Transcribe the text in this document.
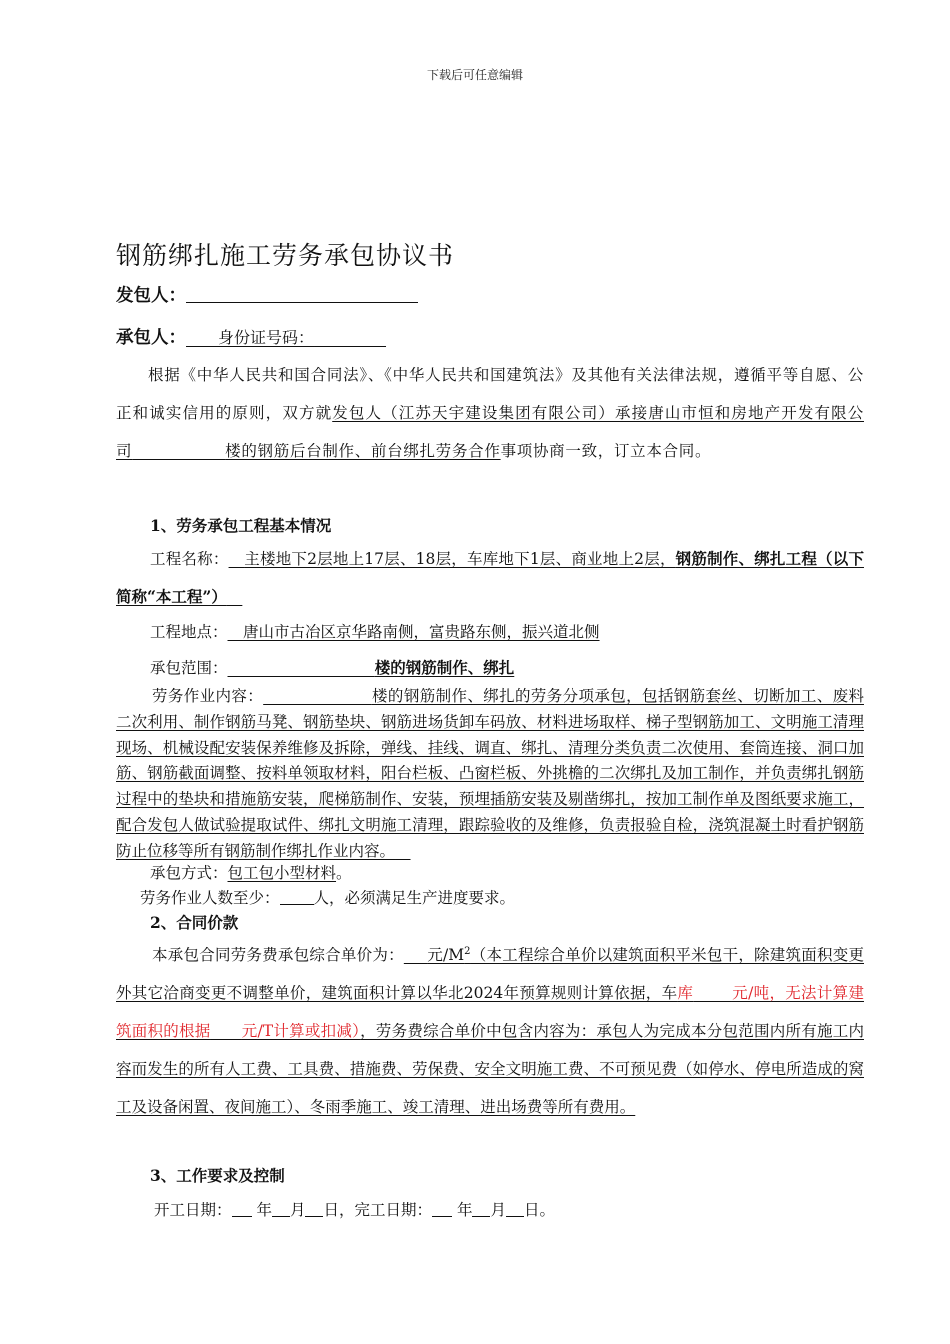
下载后可任意编辑
钢筋绑扎施工劳务承包协议书
发包人：
承包人：     身份证号码：         
根据《中华人民共和国合同法》、《中华人民共和国建筑法》及其他有关法律法规，遵循平等自愿、公正和诚实信用的原则，双方就发包人（江苏天宇建设集团有限公司）承接唐山市恒和房地产开发有限公司           	楼的钢筋后台制作、前台绑扎劳务合作事项协商一致，订立本合同。
1、劳务承包工程基本情况
工程名称：   主楼地下2层地上17层、18层，车库地下1层、商业地上2层，钢筋制作、绑扎工程（以下简称“本工程”）  
工程地点：   唐山市古冶区京华路南侧，富贵路东侧，振兴道北侧
承包范围：                   	楼的钢筋制作、绑扎
劳务作业内容：              	楼的钢筋制作、绑扎的劳务分项承包，包括钢筋套丝、切断加工、废料二次利用、制作钢筋马凳、钢筋垫块、钢筋进场货卸车码放、材料进场取样、梯子型钢筋加工、文明施工清理现场、机械设配安装保养维修及拆除，弹线、挂线、调直、绑扎、清理分类负责二次使用、套筒连接、洞口加筋、钢筋截面调整、按料单领取材料，阳台栏板、凸窗栏板、外挑檐的二次绑扎及加工制作，并负责绑扎钢筋过程中的垫块和措施筋安装，爬梯筋制作、安装，预埋插筋安装及剔凿绑扎，按加工制作单及图纸要求施工，配合发包人做试验提取试件、绑扎文明施工清理，跟踪验收的及维修，负责报验自检，浇筑混凝土时看护钢筋防止位移等所有钢筋制作绑扎作业内容。  
承包方式：包工包小型材料。
劳务作业人数至少： 人，必须满足生产进度要求。
2、合同价款
本承包合同劳务费承包综合单价为：    元$/M^2$（本工程综合单价以建筑面积平米包干，除建筑面积变更外其它洽商变更不调整单价，建筑面积计算以华北2024年预算规则计算依据，车库     	元/吨，无法计算建筑面积的根据     元/T计算或扣减），劳务费综合单价中包含内容为：承包人为完成本分包范围内所有施工内容而发生的所有人工费、工具费、措施费、劳保费、安全文明施工费、不可预见费（如停水、停电所造成的窝工及设备闲置、夜间施工）、冬雨季施工、竣工清理、进出场费等所有费用。
3、工作要求及控制
开工日期： 年 月 日，完工日期： 年 月 日。
